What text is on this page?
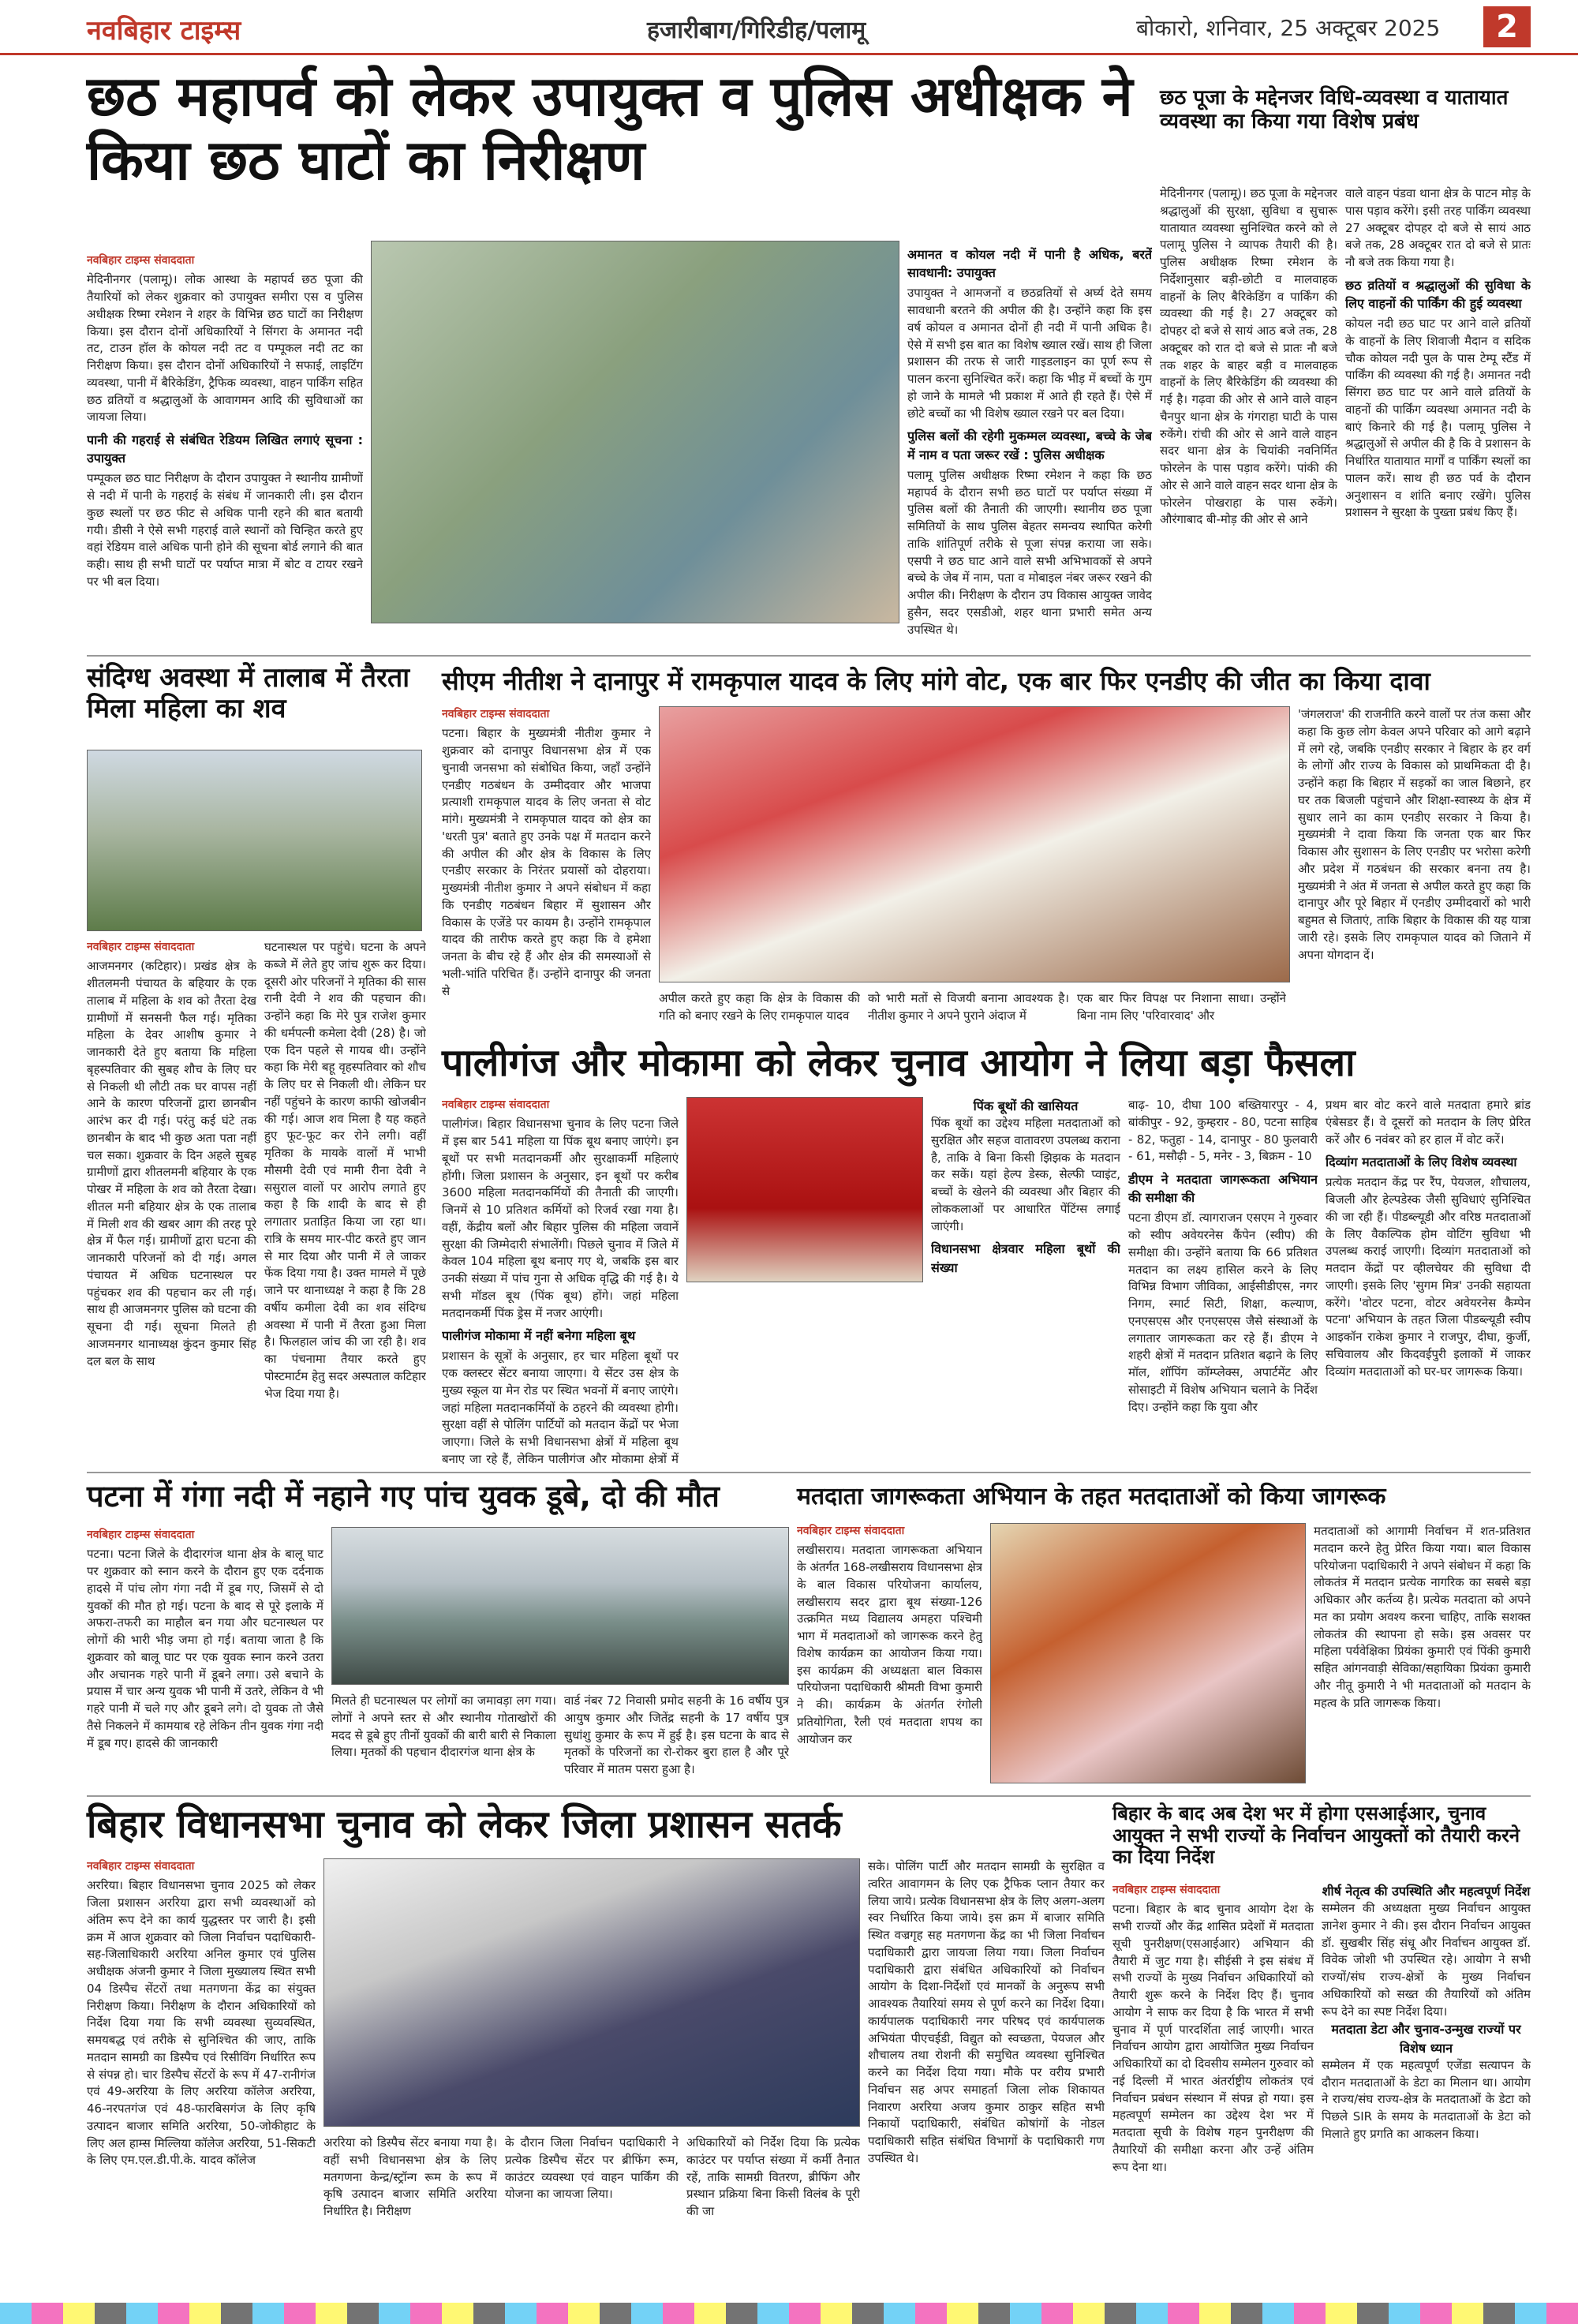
नवबिहार टाइम्स	हजारीबाग/गिरिडीह/पलामू	बोकारो, शनिवार, 25 अक्टूबर 2025	2
छठ महापर्व को लेकर उपायुक्त व पुलिस अधीक्षक ने किया छठ घाटों का निरीक्षण
नवबिहार टाइम्स संवाददाता
मेदिनीनगर (पलामू)। लोक आस्था के महापर्व छठ पूजा की तैयारियों को लेकर शुक्रवार को उपायुक्त समीरा एस व पुलिस अधीक्षक रिष्मा रमेशन ने शहर के विभिन्न छठ घाटों का निरीक्षण किया। इस दौरान दोनों अधिकारियों ने सिंगरा के अमानत नदी तट, टाउन हॉल के कोयल नदी तट व पम्पूकल नदी तट का निरीक्षण किया। इस दौरान दोनों अधिकारियों ने सफाई, लाइटिंग व्यवस्था, पानी में बैरिकेडिंग, ट्रैफिक व्यवस्था, वाहन पार्किंग सहित छठ व्रतियों व श्रद्धालुओं के आवागमन आदि की सुविधाओं का जायजा लिया।
पानी की गहराई से संबंधित रेडियम लिखित लगाएं सूचना : उपायुक्त
पम्पूकल छठ घाट निरीक्षण के दौरान उपायुक्त ने स्थानीय ग्रामीणों से नदी में पानी के गहराई के संबंध में जानकारी ली। इस दौरान कुछ स्थलों पर छठ फीट से अधिक पानी रहने की बात बतायी गयी। डीसी ने ऐसे सभी गहराई वाले स्थानों को चिन्हित करते हुए वहां रेडियम वाले अधिक पानी होने की सूचना बोर्ड लगाने की बात कही। साथ ही सभी घाटों पर पर्याप्त मात्रा में बोट व टायर रखने पर भी बल दिया।
अमानत व कोयल नदी में पानी है अधिक, बरतें सावधानी: उपायुक्त
उपायुक्त ने आमजनों व छठव्रतियों से अर्घ्य देते समय सावधानी बरतने की अपील की है। उन्होंने कहा कि इस वर्ष कोयल व अमानत दोनों ही नदी में पानी अधिक है। ऐसे में सभी इस बात का विशेष ख्याल रखें। साथ ही जिला प्रशासन की तरफ से जारी गाइडलाइन का पूर्ण रूप से पालन करना सुनिश्चित करें। कहा कि भीड़ में बच्चों के गुम हो जाने के मामले भी प्रकाश में आते ही रहते हैं। ऐसे में छोटे बच्चों का भी विशेष ख्याल रखने पर बल दिया।
पुलिस बलों की रहेगी मुकम्मल व्यवस्था, बच्चे के जेब में नाम व पता जरूर रखें : पुलिस अधीक्षक
पलामू पुलिस अधीक्षक रिष्मा रमेशन ने कहा कि छठ महापर्व के दौरान सभी छठ घाटों पर पर्याप्त संख्या में पुलिस बलों की तैनाती की जाएगी। स्थानीय छठ पूजा समितियों के साथ पुलिस बेहतर समन्वय स्थापित करेगी ताकि शांतिपूर्ण तरीके से पूजा संपन्न कराया जा सके। एसपी ने छठ घाट आने वाले सभी अभिभावकों से अपने बच्चे के जेब में नाम, पता व मोबाइल नंबर जरूर रखने की अपील की। निरीक्षण के दौरान उप विकास आयुक्त जावेद हुसैन, सदर एसडीओ, शहर थाना प्रभारी समेत अन्य उपस्थित थे।
छठ पूजा के मद्देनजर विधि-व्यवस्था व यातायात व्यवस्था का किया गया विशेष प्रबंध
मेदिनीनगर (पलामू)। छठ पूजा के मद्देनजर श्रद्धालुओं की सुरक्षा, सुविधा व सुचारू यातायात व्यवस्था सुनिश्चित करने को ले पलामू पुलिस ने व्यापक तैयारी की है। पुलिस अधीक्षक रिष्मा रमेशन के निर्देशानुसार बड़ी-छोटी व मालवाहक वाहनों के लिए बैरिकेडिंग व पार्किंग की व्यवस्था की गई है। 27 अक्टूबर को दोपहर दो बजे से सायं आठ बजे तक, 28 अक्टूबर को रात दो बजे से प्रातः नौ बजे तक शहर के बाहर बड़ी व मालवाहक वाहनों के लिए बैरिकेडिंग की व्यवस्था की गई है। गढ़वा की ओर से आने वाले वाहन चैनपुर थाना क्षेत्र के गंगराहा घाटी के पास रुकेंगे। रांची की ओर से आने वाले वाहन सदर थाना क्षेत्र के चियांकी नवनिर्मित फोरलेन के पास पड़ाव करेंगे। पांकी की ओर से आने वाले वाहन सदर थाना क्षेत्र के फोरलेन पोखराहा के पास रुकेंगे। औरंगाबाद बी-मोड़ की ओर से आने
वाले वाहन पंडवा थाना क्षेत्र के पाटन मोड़ के पास पड़ाव करेंगे। इसी तरह पार्किंग व्यवस्था 27 अक्टूबर दोपहर दो बजे से सायं आठ बजे तक, 28 अक्टूबर रात दो बजे से प्रातः नौ बजे तक किया गया है।
छठ व्रतियों व श्रद्धालुओं की सुविधा के लिए वाहनों की पार्किंग की हुई व्यवस्था
कोयल नदी छठ घाट पर आने वाले व्रतियों के वाहनों के लिए शिवाजी मैदान व सदिक चौक कोयल नदी पुल के पास टेम्पू स्टैंड में पार्किंग की व्यवस्था की गई है। अमानत नदी सिंगरा छठ घाट पर आने वाले व्रतियों के वाहनों की पार्किंग व्यवस्था अमानत नदी के बाएं किनारे की गई है। पलामू पुलिस ने श्रद्धालुओं से अपील की है कि वे प्रशासन के निर्धारित यातायात मार्गों व पार्किंग स्थलों का पालन करें। साथ ही छठ पर्व के दौरान अनुशासन व शांति बनाए रखेंगे। पुलिस प्रशासन ने सुरक्षा के पुख्ता प्रबंध किए हैं।
संदिग्ध अवस्था में तालाब में तैरता मिला महिला का शव
नवबिहार टाइम्स संवाददाता
आजमनगर (कटिहार)। प्रखंड क्षेत्र के शीतलमनी पंचायत के बहियार के एक तालाब में महिला के शव को तैरता देख ग्रामीणों में सनसनी फैल गई। मृतिका महिला के देवर आशीष कुमार ने जानकारी देते हुए बताया कि महिला बृहस्पतिवार की सुबह शौच के लिए घर से निकली थी लौटी तक घर वापस नहीं आने के कारण परिजनों द्वारा छानबीन आरंभ कर दी गई। परंतु कई घंटे तक छानबीन के बाद भी कुछ अता पता नहीं चल सका। शुक्रवार के दिन अहले सुबह ग्रामीणों द्वारा शीतलमनी बहियार के एक पोखर में महिला के शव को तैरता देखा। शीतल मनी बहियार क्षेत्र के एक तालाब में मिली शव की खबर आग की तरह पूरे क्षेत्र में फैल गई। ग्रामीणों द्वारा घटना की जानकारी परिजनों को दी गई। अगल पंचायत में अधिक घटनास्थल पर पहुंचकर शव की पहचान कर ली गई। साथ ही आजमनगर पुलिस को घटना की सूचना दी गई। सूचना मिलते ही आजमनगर थानाध्यक्ष कुंदन कुमार सिंह दल बल के साथ
घटनास्थल पर पहुंचे। घटना के अपने कब्जे में लेते हुए जांच शुरू कर दिया। दूसरी ओर परिजनों ने मृतिका की सास रानी देवी ने शव की पहचान की। उन्होंने कहा कि मेरे पुत्र राजेश कुमार की धर्मपत्नी कमेला देवी (28) है। जो एक दिन पहले से गायब थी। उन्होंने कहा कि मेरी बहू वृहस्पतिवार को शौच के लिए घर से निकली थी। लेकिन घर नहीं पहुंचने के कारण काफी खोजबीन की गई। आज शव मिला है यह कहते हुए फूट-फूट कर रोने लगी। वहीं मृतिका के मायके वालों में भाभी मौसमी देवी एवं मामी रीना देवी ने ससुराल वालों पर आरोप लगाते हुए कहा है कि शादी के बाद से ही लगातार प्रताड़ित किया जा रहा था। रात्रि के समय मार-पीट करते हुए जान से मार दिया और पानी में ले जाकर फेंक दिया गया है। उक्त मामले में पूछे जाने पर थानाध्यक्ष ने कहा है कि 28 वर्षीय कमीला देवी का शव संदिग्ध अवस्था में पानी में तैरता हुआ मिला है। फिलहाल जांच की जा रही है। शव का पंचनामा तैयार करते हुए पोस्टमार्टम हेतु सदर अस्पताल कटिहार भेज दिया गया है।
सीएम नीतीश ने दानापुर में रामकृपाल यादव के लिए मांगे वोट, एक बार फिर एनडीए की जीत का किया दावा
नवबिहार टाइम्स संवाददाता
पटना। बिहार के मुख्यमंत्री नीतीश कुमार ने शुक्रवार को दानापुर विधानसभा क्षेत्र में एक चुनावी जनसभा को संबोधित किया, जहाँ उन्होंने एनडीए गठबंधन के उम्मीदवार और भाजपा प्रत्याशी रामकृपाल यादव के लिए जनता से वोट मांगे। मुख्यमंत्री ने रामकृपाल यादव को क्षेत्र का 'धरती पुत्र' बताते हुए उनके पक्ष में मतदान करने की अपील की और क्षेत्र के विकास के लिए एनडीए सरकार के निरंतर प्रयासों को दोहराया। मुख्यमंत्री नीतीश कुमार ने अपने संबोधन में कहा कि एनडीए गठबंधन बिहार में सुशासन और विकास के एजेंडे पर कायम है। उन्होंने रामकृपाल यादव की तारीफ करते हुए कहा कि वे हमेशा जनता के बीच रहे हैं और क्षेत्र की समस्याओं से भली-भांति परिचित हैं। उन्होंने दानापुर की जनता से
अपील करते हुए कहा कि क्षेत्र के विकास की गति को बनाए रखने के लिए रामकृपाल यादव
को भारी मतों से विजयी बनाना आवश्यक है। नीतीश कुमार ने अपने पुराने अंदाज में
एक बार फिर विपक्ष पर निशाना साधा। उन्होंने बिना नाम लिए 'परिवारवाद' और
'जंगलराज' की राजनीति करने वालों पर तंज कसा और कहा कि कुछ लोग केवल अपने परिवार को आगे बढ़ाने में लगे रहे, जबकि एनडीए सरकार ने बिहार के हर वर्ग के लोगों और राज्य के विकास को प्राथमिकता दी है। उन्होंने कहा कि बिहार में सड़कों का जाल बिछाने, हर घर तक बिजली पहुंचाने और शिक्षा-स्वास्थ्य के क्षेत्र में सुधार लाने का काम एनडीए सरकार ने किया है। मुख्यमंत्री ने दावा किया कि जनता एक बार फिर विकास और सुशासन के लिए एनडीए पर भरोसा करेगी और प्रदेश में गठबंधन की सरकार बनना तय है। मुख्यमंत्री ने अंत में जनता से अपील करते हुए कहा कि दानापुर और पूरे बिहार में एनडीए उम्मीदवारों को भारी बहुमत से जिताएं, ताकि बिहार के विकास की यह यात्रा जारी रहे। इसके लिए रामकृपाल यादव को जिताने में अपना योगदान दें।
पालीगंज और मोकामा को लेकर चुनाव आयोग ने लिया बड़ा फैसला
नवबिहार टाइम्स संवाददाता
पालीगंज। बिहार विधानसभा चुनाव के लिए पटना जिले में इस बार 541 महिला या पिंक बूथ बनाए जाएंगे। इन बूथों पर सभी मतदानकर्मी और सुरक्षाकर्मी महिलाएं होंगी। जिला प्रशासन के अनुसार, इन बूथों पर करीब 3600 महिला मतदानकर्मियों की तैनाती की जाएगी। जिनमें से 10 प्रतिशत कर्मियों को रिजर्व रखा गया है। वहीं, केंद्रीय बलों और बिहार पुलिस की महिला जवानें सुरक्षा की जिम्मेदारी संभालेंगी। पिछले चुनाव में जिले में केवल 104 महिला बूथ बनाए गए थे, जबकि इस बार उनकी संख्या में पांच गुना से अधिक वृद्धि की गई है। ये सभी मॉडल बूथ (पिंक बूथ) होंगे। जहां महिला मतदानकर्मी पिंक ड्रेस में नजर आएंगी।
पालीगंज मोकामा में नहीं बनेगा महिला बूथ
प्रशासन के सूत्रों के अनुसार, हर चार महिला बूथों पर एक क्लस्टर सेंटर बनाया जाएगा। ये सेंटर उस क्षेत्र के मुख्य स्कूल या मेन रोड पर स्थित भवनों में बनाए जाएंगे। जहां महिला मतदानकर्मियों के ठहरने की व्यवस्था होगी। सुरक्षा वहीं से पोलिंग पार्टियों को मतदान केंद्रों पर भेजा जाएगा। जिले के सभी विधानसभा क्षेत्रों में महिला बूथ बनाए जा रहे हैं, लेकिन पालीगंज और मोकामा क्षेत्रों में
पिंक बूथों की खासियत
पिंक बूथों का उद्देश्य महिला मतदाताओं को सुरक्षित और सहज वातावरण उपलब्ध कराना है, ताकि वे बिना किसी झिझक के मतदान कर सकें। यहां हेल्प डेस्क, सेल्फी प्वाइंट, बच्चों के खेलने की व्यवस्था और बिहार की लोककलाओं पर आधारित पेंटिंग्स लगाई जाएंगी।
विधानसभा क्षेत्रवार महिला बूथों की संख्या
बाढ़- 10, दीघा 100 बख्तियारपुर - 4, बांकीपुर - 92, कुम्हरार - 80, पटना साहिब - 82, फतुहा - 14, दानापुर - 80 फुलवारी - 61, मसौढ़ी - 5, मनेर - 3, बिक्रम - 10
डीएम ने मतदाता जागरूकता अभियान की समीक्षा की
पटना डीएम डॉ. त्यागराजन एसएम ने गुरुवार को स्वीप अवेयरनेस कैंपेन (स्वीप) की समीक्षा की। उन्होंने बताया कि 66 प्रतिशत मतदान का लक्ष्य हासिल करने के लिए विभिन्न विभाग जीविका, आईसीडीएस, नगर निगम, स्मार्ट सिटी, शिक्षा, कल्याण, एनएसएस और एनएसएस जैसे संस्थाओं के लगातार जागरूकता कर रहे हैं। डीएम ने शहरी क्षेत्रों में मतदान प्रतिशत बढ़ाने के लिए मॉल, शॉपिंग कॉम्प्लेक्स, अपार्टमेंट और सोसाइटी में विशेष अभियान चलाने के निर्देश दिए। उन्होंने कहा कि युवा और
प्रथम बार वोट करने वाले मतदाता हमारे ब्रांड एंबेसडर हैं। वे दूसरों को मतदान के लिए प्रेरित करें और 6 नवंबर को हर हाल में वोट करें।
दिव्यांग मतदाताओं के लिए विशेष व्यवस्था
प्रत्येक मतदान केंद्र पर रैंप, पेयजल, शौचालय, बिजली और हेल्पडेस्क जैसी सुविधाएं सुनिश्चित की जा रही हैं। पीडब्ल्यूडी और वरिष्ठ मतदाताओं के लिए वैकल्पिक होम वोटिंग सुविधा भी उपलब्ध कराई जाएगी। दिव्यांग मतदाताओं को मतदान केंद्रों पर व्हीलचेयर की सुविधा दी जाएगी। इसके लिए 'सुगम मित्र' उनकी सहायता करेंगे। 'वोटर पटना, वोटर अवेयरनेस कैम्पेन पटना' अभियान के तहत जिला पीडब्ल्यूडी स्वीप आइकॉन राकेश कुमार ने राजपुर, दीघा, कुर्जी, सचिवालय और किदवईपुरी इलाकों में जाकर दिव्यांग मतदाताओं को घर-घर जागरूक किया।
पटना में गंगा नदी में नहाने गए पांच युवक डूबे, दो की मौत
नवबिहार टाइम्स संवाददाता
पटना। पटना जिले के दीदारगंज थाना क्षेत्र के बालू घाट पर शुक्रवार को स्नान करने के दौरान हुए एक दर्दनाक हादसे में पांच लोग गंगा नदी में डूब गए, जिसमें से दो युवकों की मौत हो गई। पटना के बाद से पूरे इलाके में अफरा-तफरी का माहौल बन गया और घटनास्थल पर लोगों की भारी भीड़ जमा हो गई। बताया जाता है कि शुक्रवार को बालू घाट पर एक युवक स्नान करने उतरा और अचानक गहरे पानी में डूबने लगा। उसे बचाने के प्रयास में चार अन्य युवक भी पानी में उतरे, लेकिन वे भी गहरे पानी में चले गए और डूबने लगे। दो युवक तो जैसे तैसे निकलने में कामयाब रहे लेकिन तीन युवक गंगा नदी में डूब गए। हादसे की जानकारी
मिलते ही घटनास्थल पर लोगों का जमावड़ा लग गया। लोगों ने अपने स्तर से और स्थानीय गोताखोरों की मदद से डूबे हुए तीनों युवकों की बारी बारी से निकाला लिया। मृतकों की पहचान दीदारगंज थाना क्षेत्र के
वार्ड नंबर 72 निवासी प्रमोद सहनी के 16 वर्षीय पुत्र आयुष कुमार और जितेंद्र सहनी के 17 वर्षीय पुत्र सुधांशु कुमार के रूप में हुई है। इस घटना के बाद से मृतकों के परिजनों का रो-रोकर बुरा हाल है और पूरे परिवार में मातम पसरा हुआ है।
मतदाता जागरूकता अभियान के तहत मतदाताओं को किया जागरूक
नवबिहार टाइम्स संवाददाता
लखीसराय। मतदाता जागरूकता अभियान के अंतर्गत 168-लखीसराय विधानसभा क्षेत्र के बाल विकास परियोजना कार्यालय, लखीसराय सदर द्वारा बूथ संख्या-126 उत्क्रमित मध्य विद्यालय अमहरा पश्चिमी भाग में मतदाताओं को जागरूक करने हेतु विशेष कार्यक्रम का आयोजन किया गया। इस कार्यक्रम की अध्यक्षता बाल विकास परियोजना पदाधिकारी श्रीमती विभा कुमारी ने की। कार्यक्रम के अंतर्गत रंगोली प्रतियोगिता, रैली एवं मतदाता शपथ का आयोजन कर
मतदाताओं को आगामी निर्वाचन में शत-प्रतिशत मतदान करने हेतु प्रेरित किया गया। बाल विकास परियोजना पदाधिकारी ने अपने संबोधन में कहा कि लोकतंत्र में मतदान प्रत्येक नागरिक का सबसे बड़ा अधिकार और कर्तव्य है। प्रत्येक मतदाता को अपने मत का प्रयोग अवश्य करना चाहिए, ताकि सशक्त लोकतंत्र की स्थापना हो सके। इस अवसर पर महिला पर्यवेक्षिका प्रियंका कुमारी एवं पिंकी कुमारी सहित आंगनवाड़ी सेविका/सहायिका प्रियंका कुमारी और नीतू कुमारी ने भी मतदाताओं को मतदान के महत्व के प्रति जागरूक किया।
बिहार विधानसभा चुनाव को लेकर जिला प्रशासन सतर्क
नवबिहार टाइम्स संवाददाता
अररिया। बिहार विधानसभा चुनाव 2025 को लेकर जिला प्रशासन अररिया द्वारा सभी व्यवस्थाओं को अंतिम रूप देने का कार्य युद्धस्तर पर जारी है। इसी क्रम में आज शुक्रवार को जिला निर्वाचन पदाधिकारी-सह-जिलाधिकारी अररिया अनिल कुमार एवं पुलिस अधीक्षक अंजनी कुमार ने जिला मुख्यालय स्थित सभी 04 डिस्पैच सेंटरों तथा मतगणना केंद्र का संयुक्त निरीक्षण किया। निरीक्षण के दौरान अधिकारियों को निर्देश दिया गया कि सभी व्यवस्था सुव्यवस्थित, समयबद्ध एवं तरीके से सुनिश्चित की जाए, ताकि मतदान सामग्री का डिस्पैच एवं रिसीविंग निर्धारित रूप से संपन्न हो। चार डिस्पैच सेंटरों के रूप में 47-रानीगंज एवं 49-अररिया के लिए अररिया कॉलेज अररिया, 46-नरपतगंज एवं 48-फारबिसगंज के लिए कृषि उत्पादन बाजार समिति अररिया, 50-जोकीहाट के लिए अल हाम्स मिल्लिया कॉलेज अररिया, 51-सिकटी के लिए एम.एल.डी.पी.के. यादव कॉलेज
अररिया को डिस्पैच सेंटर बनाया गया है। वहीं सभी विधानसभा क्षेत्र के लिए मतगणना केन्द्र/स्ट्रॉन्ग रूम के रूप में कृषि उत्पादन बाजार समिति अररिया निर्धारित है। निरीक्षण
के दौरान जिला निर्वाचन पदाधिकारी ने प्रत्येक डिस्पैच सेंटर पर ब्रीफिंग रूम, काउंटर व्यवस्था एवं वाहन पार्किंग की योजना का जायजा लिया।
अधिकारियों को निर्देश दिया कि प्रत्येक काउंटर पर पर्याप्त संख्या में कर्मी तैनात रहें, ताकि सामग्री वितरण, ब्रीफिंग और प्रस्थान प्रक्रिया बिना किसी विलंब के पूरी की जा
सके। पोलिंग पार्टी और मतदान सामग्री के सुरक्षित व त्वरित आवागमन के लिए एक ट्रैफिक प्लान तैयार कर लिया जाये। प्रत्येक विधानसभा क्षेत्र के लिए अलग-अलग स्वर निर्धारित किया जाये। इस क्रम में बाजार समिति स्थित वज्रगृह सह मतगणना केंद्र का भी जिला निर्वाचन पदाधिकारी द्वारा जायजा लिया गया। जिला निर्वाचन पदाधिकारी द्वारा संबंधित अधिकारियों को निर्वाचन आयोग के दिशा-निर्देशों एवं मानकों के अनुरूप सभी आवश्यक तैयारियां समय से पूर्ण करने का निर्देश दिया। कार्यपालक पदाधिकारी नगर परिषद एवं कार्यपालक अभियंता पीएचईडी, विद्युत को स्वच्छता, पेयजल और शौचालय तथा रोशनी की समुचित व्यवस्था सुनिश्चित करने का निर्देश दिया गया। मौके पर वरीय प्रभारी निर्वाचन सह अपर समाहर्ता जिला लोक शिकायत निवारण अररिया अजय कुमार ठाकुर सहित सभी निकायों पदाधिकारी, संबंधित कोषांगों के नोडल पदाधिकारी सहित संबंधित विभागों के पदाधिकारी गण उपस्थित थे।
बिहार के बाद अब देश भर में होगा एसआईआर, चुनाव आयुक्त ने सभी राज्यों के निर्वाचन आयुक्तों को तैयारी करने का दिया निर्देश
नवबिहार टाइम्स संवाददाता
पटना। बिहार के बाद चुनाव आयोग देश के सभी राज्यों और केंद्र शासित प्रदेशों में मतदाता सूची पुनरीक्षण(एसआईआर) अभियान की तैयारी में जुट गया है। सीईसी ने इस संबंध में सभी राज्यों के मुख्य निर्वाचन अधिकारियों को तैयारी शुरू करने के निर्देश दिए हैं। चुनाव आयोग ने साफ कर दिया है कि भारत में सभी चुनाव में पूर्ण पारदर्शिता लाई जाएगी। भारत निर्वाचन आयोग द्वारा आयोजित मुख्य निर्वाचन अधिकारियों का दो दिवसीय सम्मेलन गुरुवार को नई दिल्ली में भारत अंतर्राष्ट्रीय लोकतंत्र एवं निर्वाचन प्रबंधन संस्थान में संपन्न हो गया। इस महत्वपूर्ण सम्मेलन का उद्देश्य देश भर में मतदाता सूची के विशेष गहन पुनरीक्षण की तैयारियों की समीक्षा करना और उन्हें अंतिम रूप देना था।
शीर्ष नेतृत्व की उपस्थिति और महत्वपूर्ण निर्देश
सम्मेलन की अध्यक्षता मुख्य निर्वाचन आयुक्त ज्ञानेश कुमार ने की। इस दौरान निर्वाचन आयुक्त डॉ. सुखबीर सिंह संधू और निर्वाचन आयुक्त डॉ. विवेक जोशी भी उपस्थित रहे। आयोग ने सभी राज्यों/संघ राज्य-क्षेत्रों के मुख्य निर्वाचन अधिकारियों को सख्त की तैयारियों को अंतिम रूप देने का स्पष्ट निर्देश दिया।
मतदाता डेटा और चुनाव-उन्मुख राज्यों पर विशेष ध्यान
सम्मेलन में एक महत्वपूर्ण एजेंडा सत्यापन के दौरान मतदाताओं के डेटा का मिलान था। आयोग ने राज्य/संघ राज्य-क्षेत्र के मतदाताओं के डेटा को पिछले SIR के समय के मतदाताओं के डेटा को मिलाते हुए प्रगति का आकलन किया।
